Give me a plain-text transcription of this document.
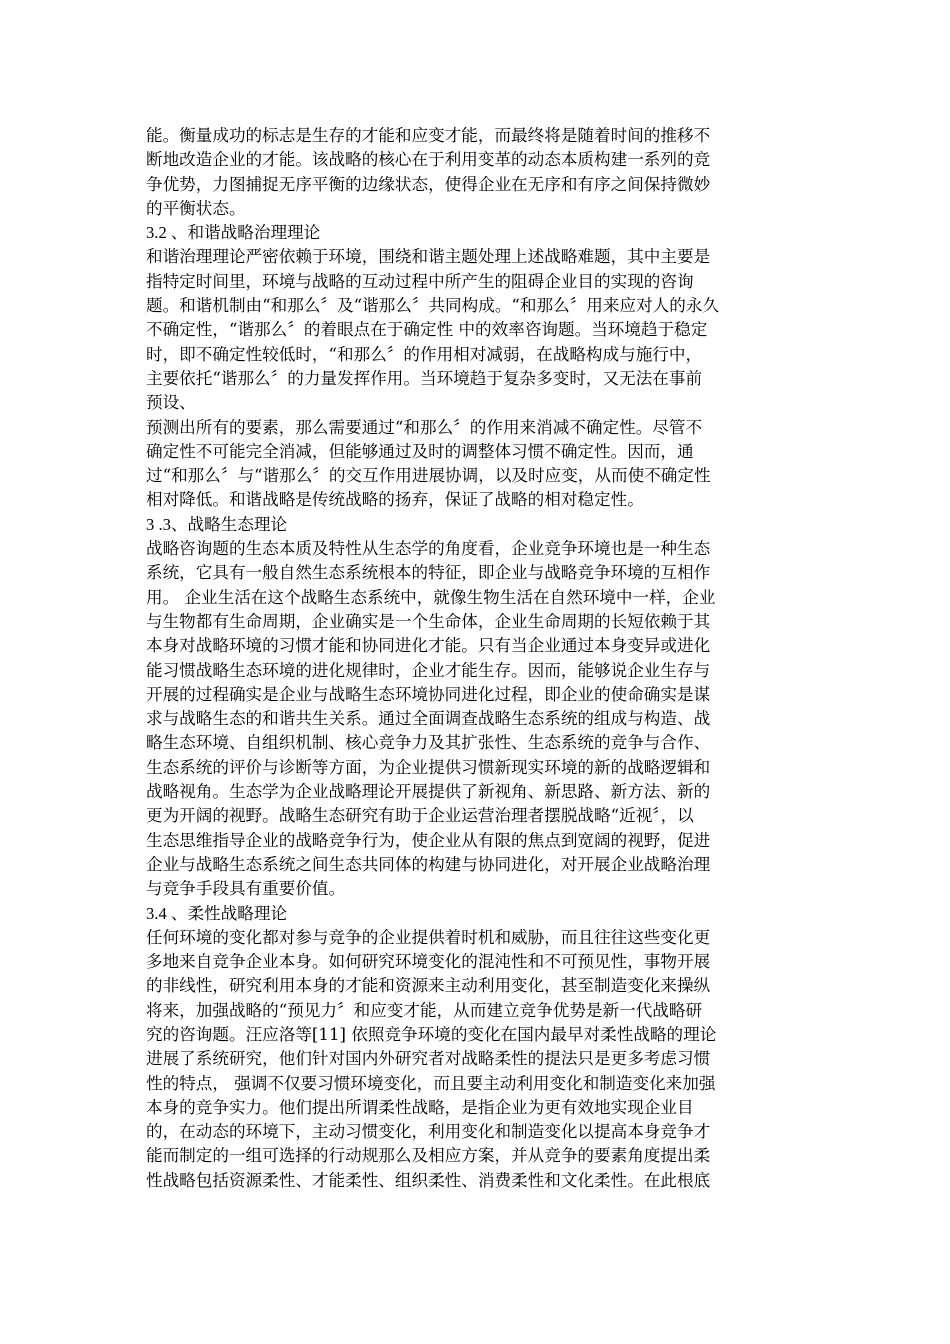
能。衡量成功的标志是生存的才能和应变才能，而最终将是随着时间的推移不
断地改造企业的才能。该战略的核心在于利用变革的动态本质构建一系列的竞
争优势，力图捕捉无序平衡的边缘状态，使得企业在无序和有序之间保持微妙
的平衡状态。
3.2 、和谐战略治理理论
和谐治理理论严密依赖于环境，围绕和谐主题处理上述战略难题，其中主要是
指特定时间里，环境与战略的互动过程中所产生的阻碍企业目的实现的咨询
题。和谐机制由“和那么〞及“谐那么〞共同构成。“和那么〞用来应对人的永久
不确定性，“谐那么〞的着眼点在于确定性 中的效率咨询题。当环境趋于稳定
时，即不确定性较低时，“和那么〞的作用相对减弱，在战略构成与施行中，
主要依托“谐那么〞的力量发挥作用。当环境趋于复杂多变时，又无法在事前
预设、
预测出所有的要素，那么需要通过“和那么〞的作用来消减不确定性。尽管不
确定性不可能完全消减，但能够通过及时的调整体习惯不确定性。因而，通
过“和那么〞与“谐那么〞的交互作用进展协调，以及时应变，从而使不确定性
相对降低。和谐战略是传统战略的扬弃，保证了战略的相对稳定性。
3 .3、战略生态理论
战略咨询题的生态本质及特性从生态学的角度看，企业竞争环境也是一种生态
系统，它具有一般自然生态系统根本的特征，即企业与战略竞争环境的互相作
用。 企业生活在这个战略生态系统中，就像生物生活在自然环境中一样，企业
与生物都有生命周期，企业确实是一个生命体，企业生命周期的长短依赖于其
本身对战略环境的习惯才能和协同进化才能。只有当企业通过本身变异或进化
能习惯战略生态环境的进化规律时，企业才能生存。因而，能够说企业生存与
开展的过程确实是企业与战略生态环境协同进化过程，即企业的使命确实是谋
求与战略生态的和谐共生关系。通过全面调查战略生态系统的组成与构造、战
略生态环境、自组织机制、核心竞争力及其扩张性、生态系统的竞争与合作、
生态系统的评价与诊断等方面，为企业提供习惯新现实环境的新的战略逻辑和
战略视角。生态学为企业战略理论开展提供了新视角、新思路、新方法、新的
更为开阔的视野。战略生态研究有助于企业运营治理者摆脱战略“近视〞，以
生态思维指导企业的战略竞争行为，使企业从有限的焦点到宽阔的视野，促进
企业与战略生态系统之间生态共同体的构建与协同进化，对开展企业战略治理
与竞争手段具有重要价值。
3.4 、柔性战略理论
任何环境的变化都对参与竞争的企业提供着时机和威胁，而且往往这些变化更
多地来自竞争企业本身。如何研究环境变化的混沌性和不可预见性，事物开展
的非线性，研究利用本身的才能和资源来主动利用变化，甚至制造变化来操纵
将来，加强战略的“预见力〞和应变才能，从而建立竞争优势是新一代战略研
究的咨询题。汪应洛等[11] 依照竞争环境的变化在国内最早对柔性战略的理论
进展了系统研究，他们针对国内外研究者对战略柔性的提法只是更多考虑习惯
性的特点， 强调不仅要习惯环境变化，而且要主动利用变化和制造变化来加强
本身的竞争实力。他们提出所谓柔性战略，是指企业为更有效地实现企业目
的，在动态的环境下，主动习惯变化，利用变化和制造变化以提高本身竞争才
能而制定的一组可选择的行动规那么及相应方案，并从竞争的要素角度提出柔
性战略包括资源柔性、才能柔性、组织柔性、消费柔性和文化柔性。在此根底
